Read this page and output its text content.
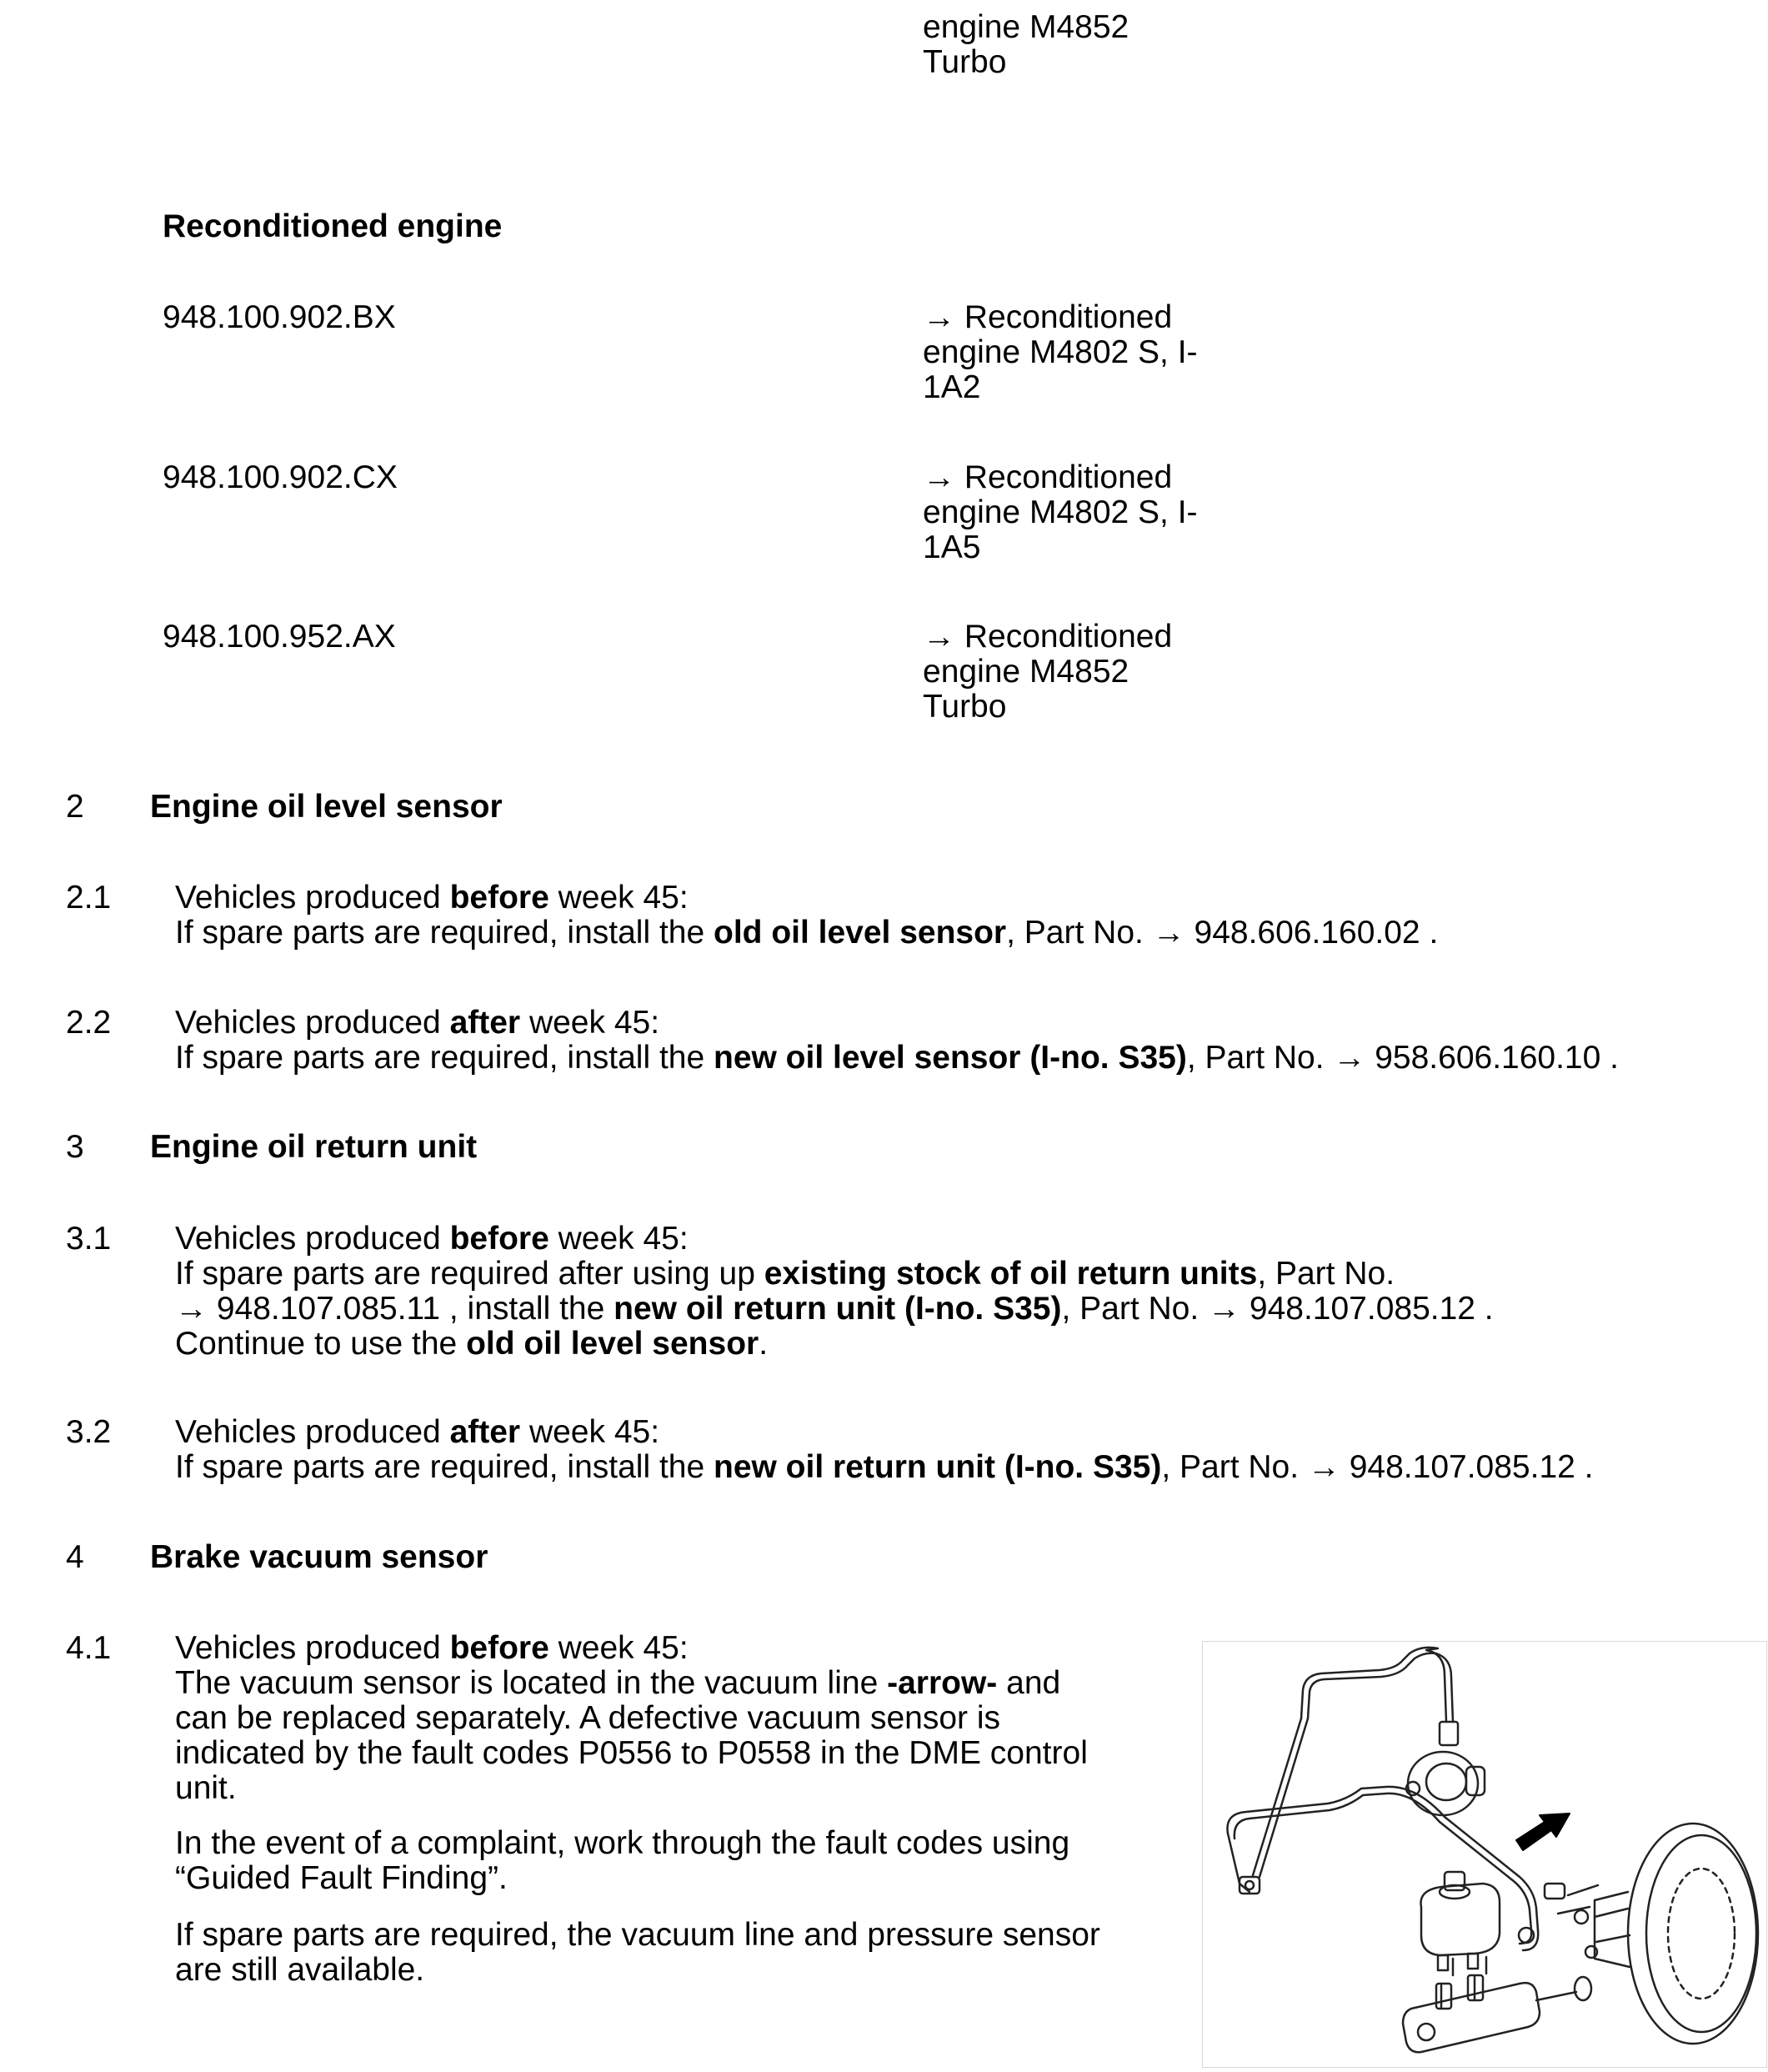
engine M4852
Turbo
Reconditioned engine
948.100.902.BX	→ Reconditioned
engine M4802 S, I-
1A2
948.100.902.CX	→ Reconditioned
engine M4802 S, I-
1A5
948.100.952.AX	→ Reconditioned
engine M4852
Turbo
2 Engine oil level sensor
2.1 Vehicles produced before week 45:
If spare parts are required, install the old oil level sensor, Part No. → 948.606.160.02 .
2.2 Vehicles produced after week 45:
If spare parts are required, install the new oil level sensor (I-no. S35), Part No. → 958.606.160.10 .
3 Engine oil return unit
3.1 Vehicles produced before week 45:
If spare parts are required after using up existing stock of oil return units, Part No.
→ 948.107.085.11 , install the new oil return unit (I-no. S35), Part No. → 948.107.085.12 .
Continue to use the old oil level sensor.
3.2 Vehicles produced after week 45:
If spare parts are required, install the new oil return unit (I-no. S35), Part No. → 948.107.085.12 .
4 Brake vacuum sensor
4.1 Vehicles produced before week 45:
The vacuum sensor is located in the vacuum line -arrow- and
can be replaced separately. A defective vacuum sensor is
indicated by the fault codes P0556 to P0558 in the DME control
unit.
In the event of a complaint, work through the fault codes using
“Guided Fault Finding”.
If spare parts are required, the vacuum line and pressure sensor
are still available.
